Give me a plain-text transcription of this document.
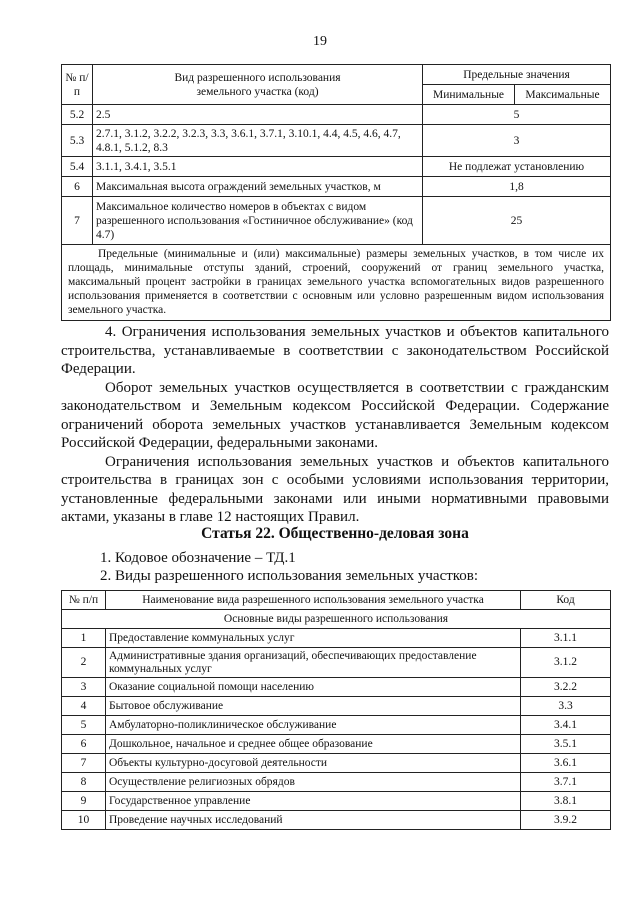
19
№ п/п	Вид разрешенного использования земельного участка (код)	Предельные значения	
		Минимальные	Максимальные
5.2	2.5	5	
5.3	2.7.1, 3.1.2, 3.2.2, 3.2.3, 3.3, 3.6.1, 3.7.1, 3.10.1, 4.4, 4.5, 4.6, 4.7, 4.8.1, 5.1.2, 8.3	3	
5.4	3.1.1, 3.4.1, 3.5.1	Не подлежат установлению	
6	Максимальная высота ограждений земельных участков, м	1,8	
7	Максимальное количество номеров в объектах с видом разрешенного использования «Гостиничное обслуживание» (код 4.7)	25	
Предельные (минимальные и (или) максимальные) размеры земельных участков, в том числе их площадь, минимальные отступы зданий, строений, сооружений от границ земельного участка, максимальный процент застройки в границах земельного участка вспомогательных видов разрешенного использования применяется в соответствии с основным или условно разрешенным видом использования земельного участка.			

4. Ограничения использования земельных участков и объектов капитального строительства, устанавливаемые в соответствии с законодательством Российской Федерации.

Оборот земельных участков осуществляется в соответствии с гражданским законодательством и Земельным кодексом Российской Федерации. Содержание ограничений оборота земельных участков устанавливается Земельным кодексом Российской Федерации, федеральными законами.

Ограничения использования земельных участков и объектов капитального строительства в границах зон с особыми условиями использования территории, установленные федеральными законами или иными нормативными правовыми актами, указаны в главе 12 настоящих Правил.

Статья 22. Общественно-деловая зона
1. Кодовое обозначение – ТД.1
2. Виды разрешенного использования земельных участков:
№ п/п	Наименование вида разрешенного использования земельного участка	Код
Основные виды разрешенного использования		
1	Предоставление коммунальных услуг	3.1.1
2	Административные здания организаций, обеспечивающих предоставление коммунальных услуг	3.1.2
3	Оказание социальной помощи населению	3.2.2
4	Бытовое обслуживание	3.3
5	Амбулаторно-поликлиническое обслуживание	3.4.1
6	Дошкольное, начальное и среднее общее образование	3.5.1
7	Объекты культурно-досуговой деятельности	3.6.1
8	Осуществление религиозных обрядов	3.7.1
9	Государственное управление	3.8.1
10	Проведение научных исследований	3.9.2
